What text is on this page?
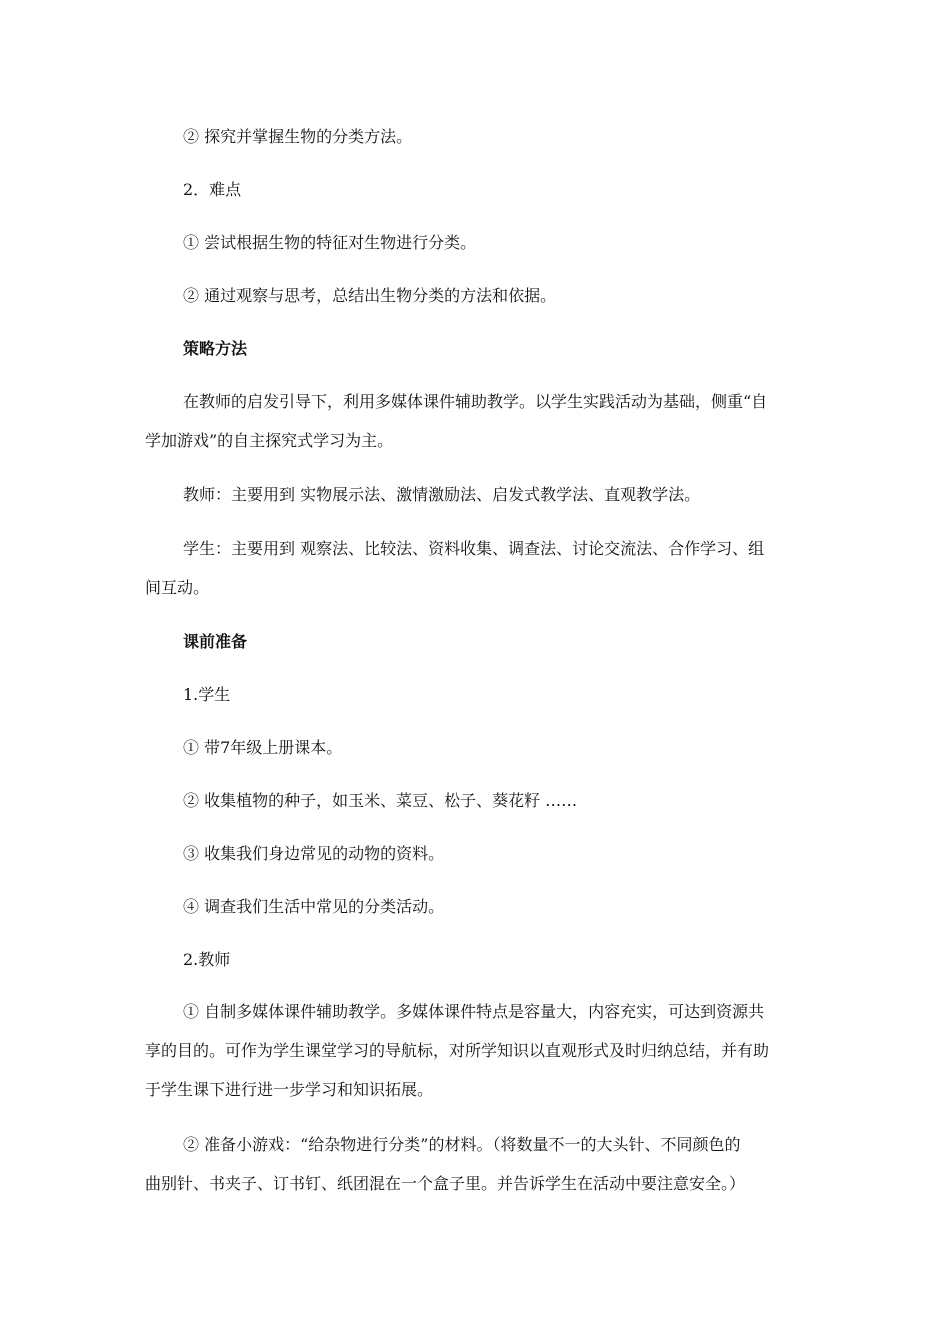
② 探究并掌握生物的分类方法。

2．难点

① 尝试根据生物的特征对生物进行分类。

② 通过观察与思考，总结出生物分类的方法和依据。

策略方法

在教师的启发引导下，利用多媒体课件辅助教学。以学生实践活动为基础，侧重“自

学加游戏”的自主探究式学习为主。

教师：主要用到 实物展示法、激情激励法、启发式教学法、直观教学法。

学生：主要用到 观察法、比较法、资料收集、调查法、讨论交流法、合作学习、组

间互动。

课前准备

1.学生

① 带7年级上册课本。

② 收集植物的种子，如玉米、菜豆、松子、葵花籽 ……

③ 收集我们身边常见的动物的资料。

④ 调查我们生活中常见的分类活动。

2.教师

① 自制多媒体课件辅助教学。多媒体课件特点是容量大，内容充实，可达到资源共

享的目的。可作为学生课堂学习的导航标，对所学知识以直观形式及时归纳总结，并有助

于学生课下进行进一步学习和知识拓展。

② 准备小游戏：“给杂物进行分类”的材料。（将数量不一的大头针、不同颜色的

曲别针、书夹子、订书钉、纸团混在一个盒子里。并告诉学生在活动中要注意安全。）
